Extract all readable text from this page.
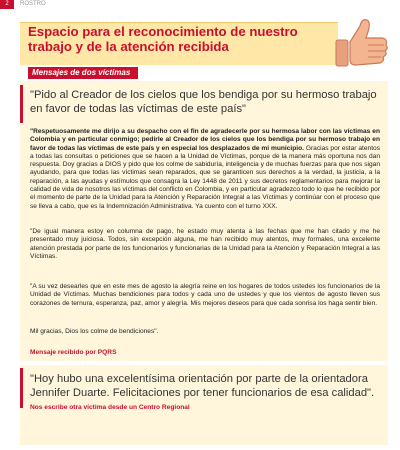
2	ROSTRO
Espacio para el reconocimiento de nuestro trabajo y de la atención recibida
Mensajes de dos víctimas
"Pido al Creador de los cielos que los bendiga por su hermoso trabajo en favor de todas las víctimas de este país"
"Respetuosamente me dirijo a su despacho con el fin de agradecerle por su hermosa labor con las víctimas en Colombia y en particular conmigo; pedirle al Creador de los cielos que los bendiga por su hermoso trabajo en favor de todas las víctimas de este país y en especial los desplazados de mi municipio. Gracias por estar atentos a todas las consultas o peticiones que se hacen a la Unidad de Víctimas, porque de la manera más oportuna nos dan respuesta. Doy gracias a DIOS y pido que los colme de sabiduría, inteligencia y de muchas fuerzas para que nos sigan ayudando, para que todas las víctimas sean reparados, que se garanticen sus derechos a la verdad, la justicia, a la reparación, a las ayudas y estímulos que consagra la Ley 1448 de 2011 y sus decretos reglamentarios para mejorar la calidad de vida de nosotros las víctimas del conflicto en Colombia, y en particular agradezco todo lo que he recibido por el momento de parte de la Unidad para la Atención y Reparación Integral a las Víctimas y continúar con el proceso que se lleva a cabo, que es la Indemnización Administrativa. Ya cuento con el turno XXX.
"De igual manera estoy en columna de pago, he estado muy atenta a las fechas que me han citado y me he presentado muy juiciosa. Todos, sin excepción alguna, me han recibido muy atentos, muy formales, una excelente atención prestada por parte de los funcionarios y funcionarias de la Unidad para la Atención y Reparación Integral a las Víctimas.
"A su vez desearles que en este mes de agosto la alegría reine en los hogares de todos ustedes los funcionarios de la Unidad de Víctimas. Muchas bendiciones para todos y cada uno de ustedes y que los vientos de agosto lleven sus corazones de ternura, esperanza, paz, amor y alegría. Mis mejores deseos para que cada sonrisa los haga sentir bien.
Mil gracias, Dios los colme de bendiciones".
Mensaje recibido por PQRS
"Hoy hubo una excelentísima orientación por parte de la orientadora Jennifer Duarte. Felicitaciones por tener funcionarios de esa calidad".
Nos escribe otra víctima desde un Centro Regional
